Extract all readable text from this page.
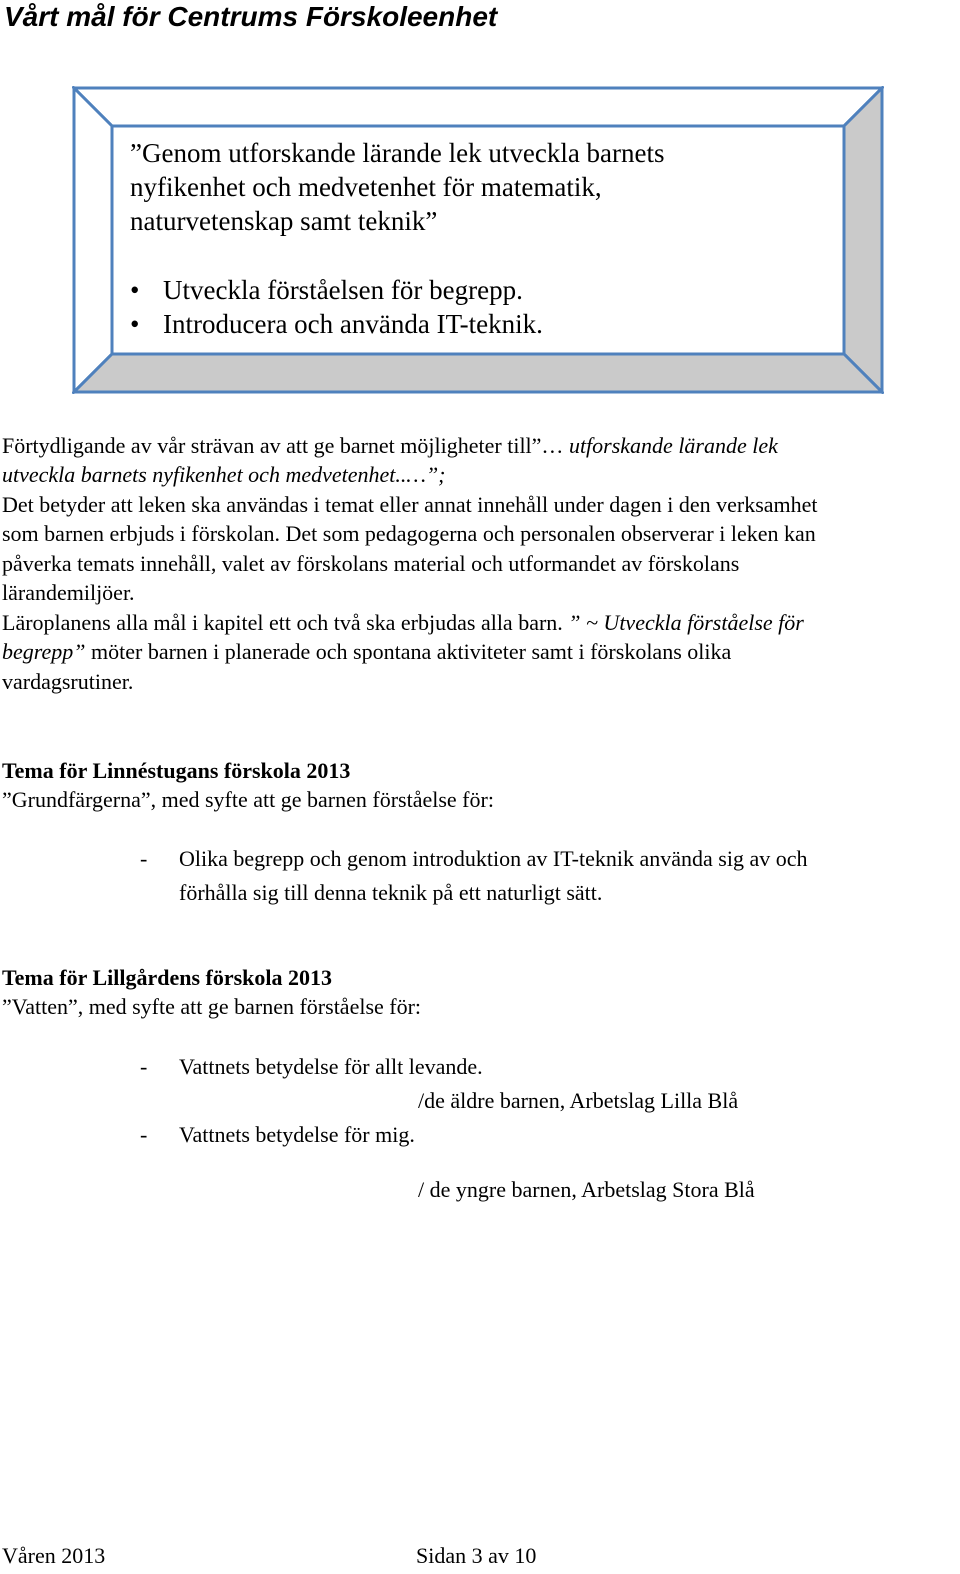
Vårt mål för Centrums Förskoleenhet
”Genom utforskande lärande lek utveckla barnets
nyfikenhet och medvetenhet för matematik,
naturvetenskap samt teknik”
• Utveckla förståelsen för begrepp.
• Introducera och använda IT-teknik.
Förtydligande av vår strävan av att ge barnet möjligheter till”… utforskande lärande lek
utveckla barnets nyfikenhet och medvetenhet..…”;
Det betyder att leken ska användas i temat eller annat innehåll under dagen i den verksamhet
som barnen erbjuds i förskolan. Det som pedagogerna och personalen observerar i leken kan
påverka temats innehåll, valet av förskolans material och utformandet av förskolans
lärandemiljöer.
Läroplanens alla mål i kapitel ett och två ska erbjudas alla barn. ” ~ Utveckla förståelse för
begrepp” möter barnen i planerade och spontana aktiviteter samt i förskolans olika
vardagsrutiner.
Tema för Linnéstugans förskola 2013
”Grundfärgerna”, med syfte att ge barnen förståelse för:
- Olika begrepp och genom introduktion av IT-teknik använda sig av och
förhålla sig till denna teknik på ett naturligt sätt.
Tema för Lillgårdens förskola 2013
”Vatten”, med syfte att ge barnen förståelse för:
- Vattnets betydelse för allt levande.
/de äldre barnen, Arbetslag Lilla Blå
- Vattnets betydelse för mig.
/ de yngre barnen, Arbetslag Stora Blå
Våren 2013	Sidan 3 av 10
